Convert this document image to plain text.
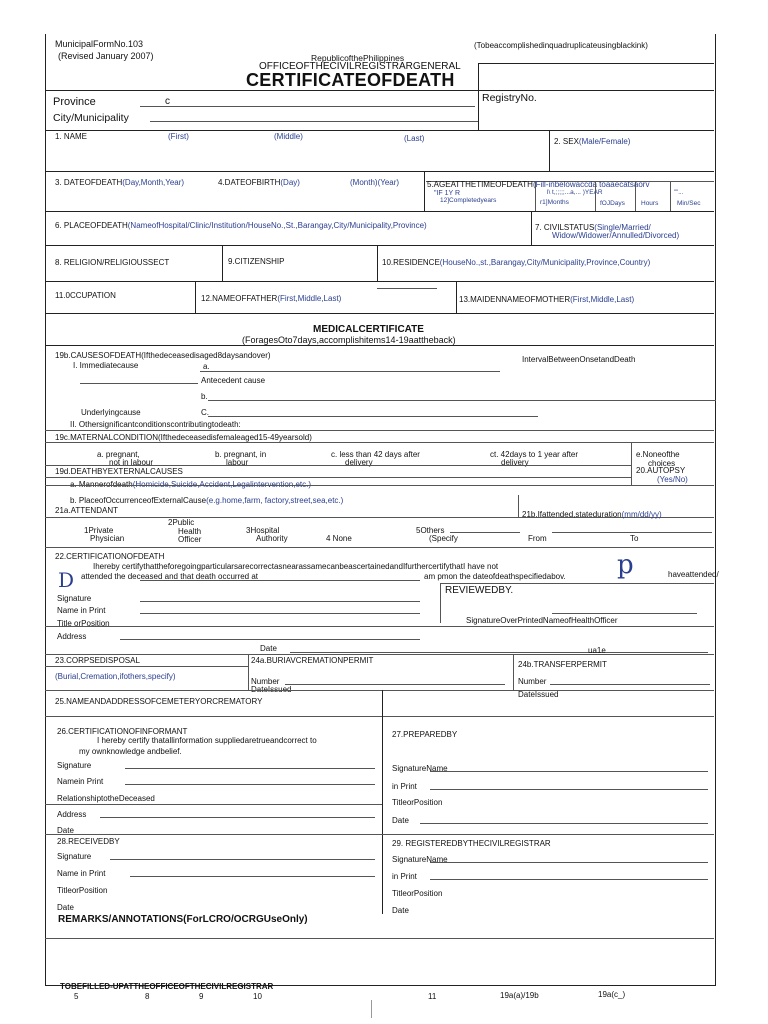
MunicipalFormNo.103
(Revised January 2007)
(Tobeaccomplishedinquadruplicateusingblackink)
RepublicofthePhilippines
OFFICEOFTHECIVILREGISTRARGENERAL
CERTIFICATEOFDEATH
RegistryNo.
Province	c
City/Municipality
1. NAME	(First)	(Middle)	(Last)	2. SEX(Male/Female)
3. DATEOFDEATH(Day,Month,Year)	4.DATEOFBIRTH(Day)	(Month)(Year)	5.AGEATTHETIMEOFDEATH(Fill-inbelowaccda toaaecatsaorv
"IF 1Y R	l\ t,;;;;;...a,... )YEAR	""...
12]Completedyears	r1]Months	fOJDays Hours	Min/Sec
6. PLACEOFDEATH(NameofHospital/Clinic/Institution/HouseNo.,St.,Barangay,City/Municipality,Province)	7. CIVILSTATUS(Single/Married/
Widow/Widower/Annulled/Divorced)
8. RELIGION/RELIGIOUSSECT	9.CITIZENSHIP	10.RESIDENCE(HouseNo.,st.,Barangay,City/Municipality,Province,Country)
11.0CCUPATION	12.NAMEOFFATHER(First,Middle,Last)	13.MAIDENNAMEOFMOTHER(First,Middle,Last)
MEDICALCERTIFICATE
(ForagesOto7days,accomplishitems14-19aattheback)
19b.CAUSESOFDEATH(Ifthedeceasedisaged8daysandover)	IntervalBetweenOnsetandDeath
I. Immediatecause	a.
Antecedent cause
b.
Underlyingcause	C.
II. Othersignificantconditionscontributingtodeath:
19c.MATERNALCONDITION(Ifthedeceasedisfemaleaged15-49yearsold)
a. pregnant,
not in labour
b. pregnant, in
labour
c. less than 42 days after
delivery
ct. 42days to 1 year after
delivery
e.Noneofthe
choices
19d.DEATHBYEXTERNALCAUSES	20.AUTOPSY
(Yes/No)
a. Mannerofdeath(Homicide,Suicide,Accident,Legalintervention,etc.)
b. PlaceofOccurrenceofExternalCause(e.g.home,farm, factory,street,sea,etc.)
21a.ATTENDANT	21b.Ifattended,stateduration(mm/dd/yy)
1Private
Physician
2Public
Health
Officer
3Hospital
Authority	4 None
5Others
(Specify	From	To
22.CERTIFICATIONOFDEATH
Ihereby certifythattheforegoingparticularsarecorrectasnearassamecanbeascertainedandIfurthercertifythatI have not	p	haveattended/
D attended the deceased and that death occurred at	am pmon the dateofdeathspecifiedabov.
REVIEWEDBY.
Signature
Name in Print
SignatureOverPrintedNameofHealthOfficer
Title orPosition
Address
Date	ua1e
23.CORPSEDISPOSAL	24a.BURIAVCREMATIONPERMIT	24b.TRANSFERPERMIT
(Burial,Cremation,ifothers,specify)
Number	Number
DateIssued
DateIssued
25.NAMEANDADDRESSOFCEMETERYORCREMATORY
26.CERTIFICATIONOFINFORMANT
I hereby certify thatallinformation suppliedaretrueandcorrect to
my ownknowledge andbelief.
Signature
Namein Print
RelationshiptotheDeceased
Address
Date
27.PREPAREDBY
SignatureName
in Print
TitleorPosition
Date
28.RECEIVEDBY
Signature
Name in Print
TitleorPosition
Date
29. REGISTEREDBYTHECIVILREGISTRAR
SignatureName
in Print
TitleorPosition
Date
REMARKS/ANNOTATIONS(ForLCRO/OCRGUseOnly)
TOBEFILLED-UPATTHEOFFICEOFTHECIVILREGISTRAR
5	8	9	10	11	19a(a)/19b	19a(c_)
